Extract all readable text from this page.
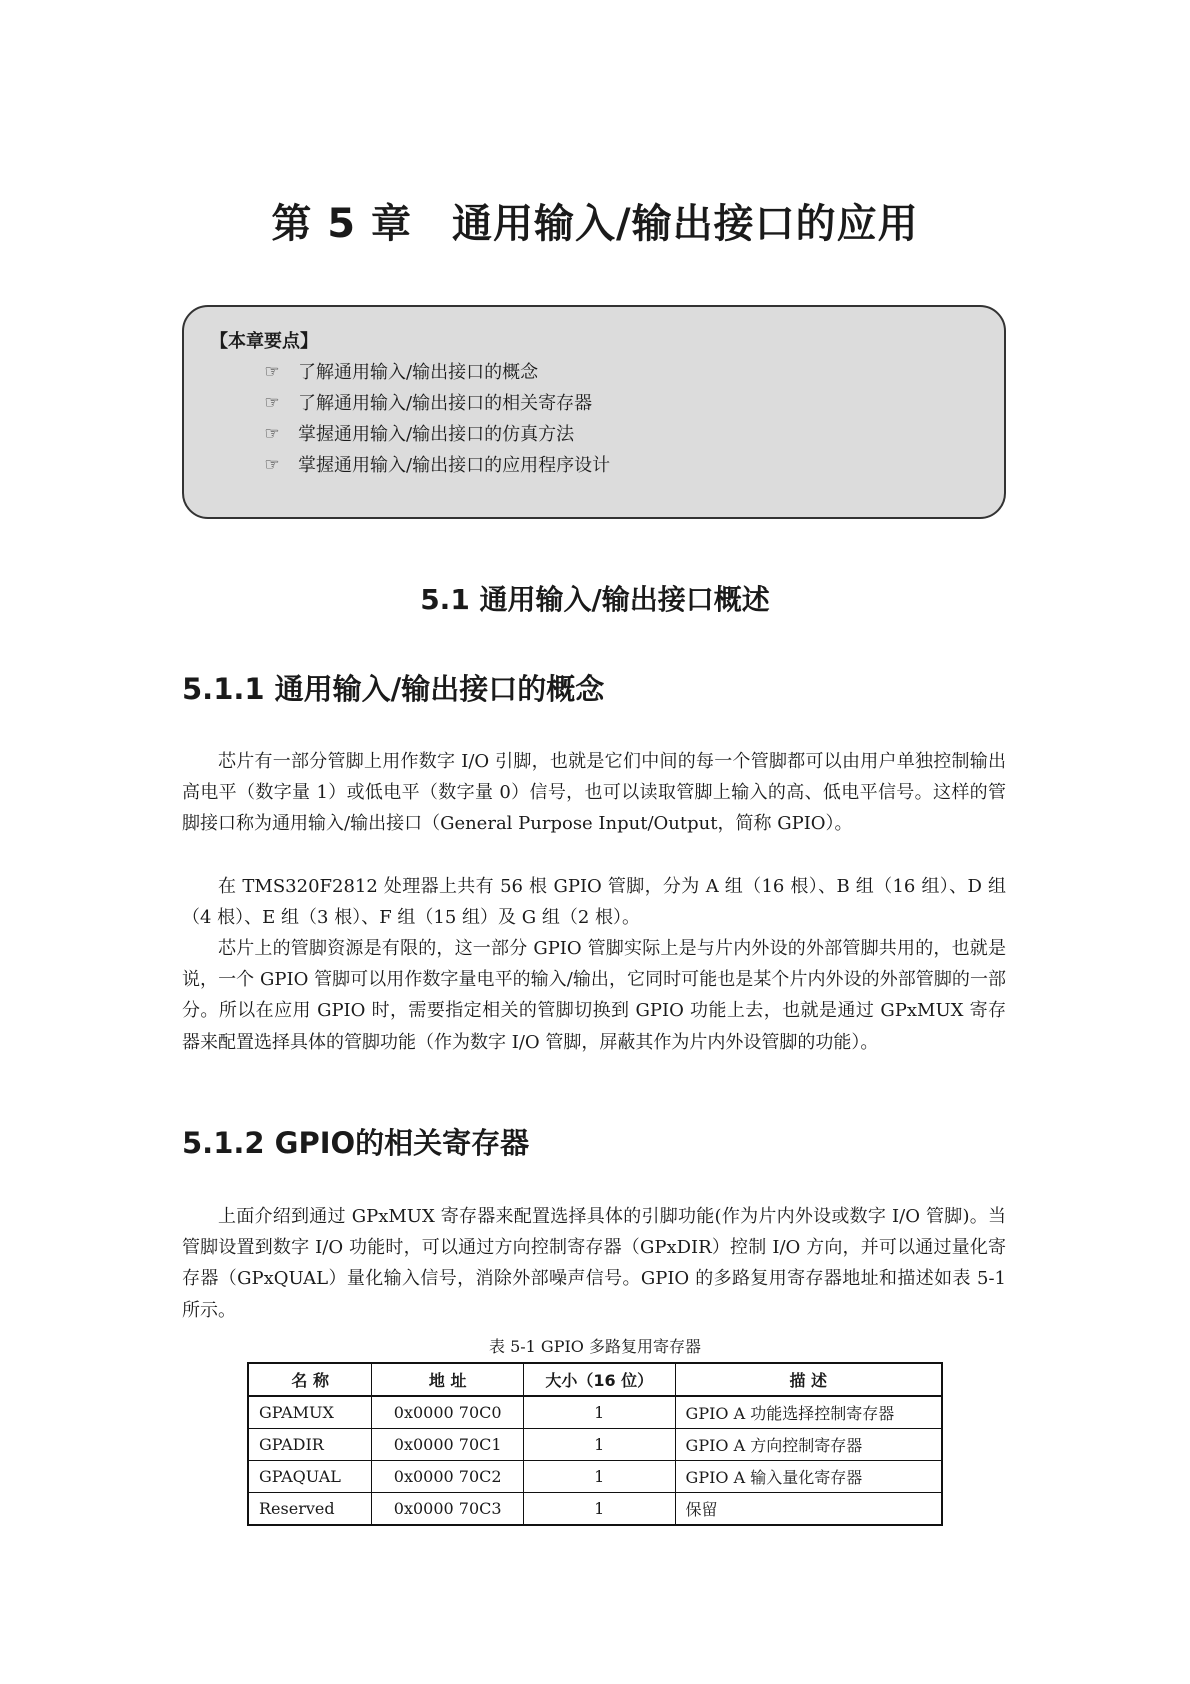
第 5 章 通用输入/输出接口的应用
【本章要点】
☞ 了解通用输入/输出接口的概念
☞ 了解通用输入/输出接口的相关寄存器
☞ 掌握通用输入/输出接口的仿真方法
☞ 掌握通用输入/输出接口的应用程序设计
5.1 通用输入/输出接口概述
5.1.1 通用输入/输出接口的概念

芯片有一部分管脚上用作数字 I/O 引脚，也就是它们中间的每一个管脚都可以由用户单独控制输出高电平（数字量 1）或低电平（数字量 0）信号，也可以读取管脚上输入的高、低电平信号。这样的管脚接口称为通用输入/输出接口（General Purpose Input/Output，简称 GPIO）。

在 TMS320F2812 处理器上共有 56 根 GPIO 管脚，分为 A 组（16 根）、B 组（16 组）、D 组（4 根）、E 组（3 根）、F 组（15 组）及 G 组（2 根）。

芯片上的管脚资源是有限的，这一部分 GPIO 管脚实际上是与片内外设的外部管脚共用的，也就是说，一个 GPIO 管脚可以用作数字量电平的输入/输出，它同时可能也是某个片内外设的外部管脚的一部分。所以在应用 GPIO 时，需要指定相关的管脚切换到 GPIO 功能上去，也就是通过 GPxMUX 寄存器来配置选择具体的管脚功能（作为数字 I/O 管脚，屏蔽其作为片内外设管脚的功能）。

5.1.2 GPIO的相关寄存器

上面介绍到通过 GPxMUX 寄存器来配置选择具体的引脚功能(作为片内外设或数字 I/O 管脚)。当管脚设置到数字 I/O 功能时，可以通过方向控制寄存器（GPxDIR）控制 I/O 方向，并可以通过量化寄存器（GPxQUAL）量化输入信号，消除外部噪声信号。GPIO 的多路复用寄存器地址和描述如表 5-1 所示。

表 5-1 GPIO 多路复用寄存器
名 称	地 址	大小（16 位）	描 述
GPAMUX	0x0000 70C0	1	GPIO A 功能选择控制寄存器
GPADIR	0x0000 70C1	1	GPIO A 方向控制寄存器
GPAQUAL	0x0000 70C2	1	GPIO A 输入量化寄存器
Reserved	0x0000 70C3	1	保留
